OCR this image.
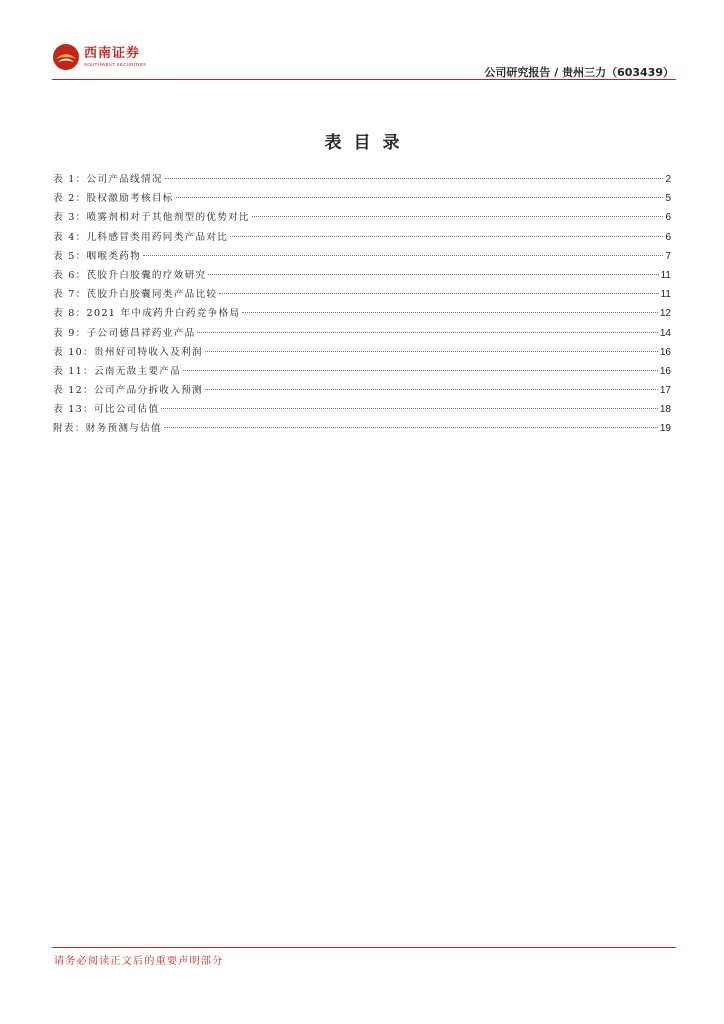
西南证券
SOUTHWEST SECURITIES
公司研究报告 / 贵州三力（603439）
表目录
表 1：公司产品线情况	2
表 2：股权激励考核目标	5
表 3：喷雾剂相对于其他剂型的优势对比	6
表 4：儿科感冒类用药同类产品对比	6
表 5：咽喉类药物	7
表 6：芪胶升白胶囊的疗效研究	11
表 7：芪胶升白胶囊同类产品比较	11
表 8：2021 年中成药升白药竞争格局	12
表 9：子公司德昌祥药业产品	14
表 10：贵州好司特收入及利润	16
表 11：云南无敌主要产品	16
表 12：公司产品分拆收入预测	17
表 13：可比公司估值	18
附表：财务预测与估值	19
请务必阅读正文后的重要声明部分
